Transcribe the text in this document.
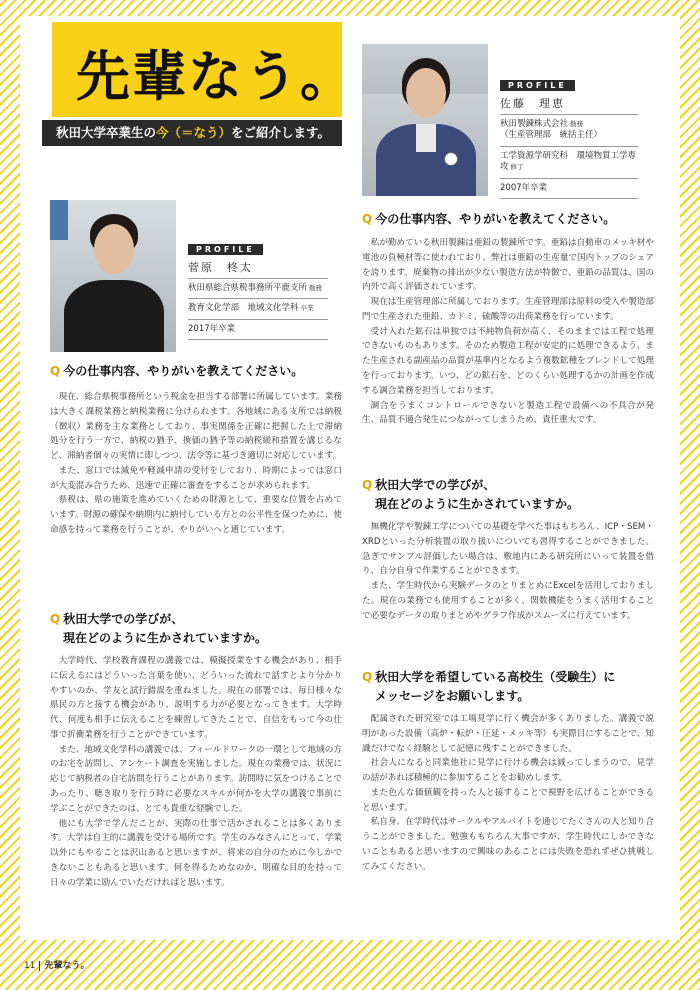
先輩なう。
秋田大学卒業生の今（＝なう）をご紹介します。
PROFILE
佐藤　理恵
秋田製錬株式会社 勤務
（生産管理部　統括主任）
工学資源学研究科　環境物質工学専攻 修了
2007年卒業
PROFILE
菅原　柊太
秋田県総合県税事務所平鹿支所 勤務
教育文化学部　地域文化学科 卒業
2017年卒業
Q 今の仕事内容、やりがいを教えてください。

私が勤めている秋田製錬は亜鉛の製錬所です。亜鉛は自動車のメッキ材や電池の負極材等に使われており、弊社は亜鉛の生産量で国内トップのシェアを誇ります。廃棄物の排出が少ない製造方法が特徴で、亜鉛の品質は、国の内外で高く評価されています。

現在は生産管理部に所属しております。生産管理部は原料の受入や製造部門で生産された亜鉛、カドミ、硫酸等の出荷業務を行っています。

受け入れた鉱石は単独では不純物負荷が高く、そのままでは工程で処理できないものもあります。そのため製造工程が安定的に処理できるよう、また生産される副産品の品質が基準内となるよう複数鉱種をブレンドして処理を行っております。いつ、どの鉱石を、どのくらい処理するかの計画を作成する調合業務を担当しております。

調合をうまくコントロールできないと製造工程で設備への不具合が発生、品質不適合発生につながってしまうため、責任重大です。

Q 秋田大学での学びが、
現在どのように生かされていますか。

無機化学や製錬工学についての基礎を学べた事はもちろん、ICP・SEM・XRDといった分析装置の取り扱いについても習得することができました。急ぎでサンプル評価したい場合は、敷地内にある研究所にいって装置を借り、自分自身で作業することができます。

また、学生時代から実験データのとりまとめにExcelを活用しておりました。現在の業務でも使用することが多く、関数機能をうまく活用することで必要なデータの取りまとめやグラフ作成がスムーズに行えています。

Q 秋田大学を希望している高校生（受験生）に
メッセージをお願いします。

配属された研究室では工場見学に行く機会が多くありました。講義で説明があった設備（高炉・転炉・圧延・メッキ等）も実際目にすることで、知識だけでなく経験として記憶に残すことができました。

社会人になると同業他社に見学に行ける機会は減ってしまうので、見学の話があれば積極的に参加することをお勧めします。

また色んな価値観を持った人と接することで視野を広げることができると思います。

私自身、在学時代はサークルやアルバイトを通じてたくさんの人と知り合うことができました。勉強ももちろん大事ですが、学生時代にしかできないこともあると思いますので興味のあることには失敗を恐れずぜひ挑戦してみてください。

Q 今の仕事内容、やりがいを教えてください。

現在、総合県税事務所という税金を担当する部署に所属しています。業務は大きく課税業務と納税業務に分けられます。各地域にある支所では納税（徴収）業務を主な業務としており、事実関係を正確に把握した上で滞納処分を行う一方で、納税の猶予、換価の猶予等の納税緩和措置を講じるなど、滞納者個々の実情に即しつつ、法令等に基づき適切に対応しています。

また、窓口では減免や軽減申請の受付をしており、時期によっては窓口が大変混み合うため、迅速で正確に審査をすることが求められます。

県税は、県の施策を進めていくための財源として、重要な位置を占めています。財源の確保や納期内に納付している方との公平性を保つために、使命感を持って業務を行うことが、やりがいへと通じています。

Q 秋田大学での学びが、
現在どのように生かされていますか。

大学時代、学校教育課程の講義では、模擬授業をする機会があり、相手に伝えるにはどういった言葉を使い、どういった流れで話すとより分かりやすいのか、学友と試行錯誤を重ねました。現在の部署では、毎日様々な県民の方と接する機会があり、説明する力が必要となってきます。大学時代、何度も相手に伝えることを練習してきたことで、自信をもって今の仕事で折衝業務を行うことができています。

また、地域文化学科の講義では、フィールドワークの一環として地域の方のお宅を訪問し、アンケート調査を実施しました。現在の業務では、状況に応じて納税者の自宅訪問を行うことがあります。訪問時に気をつけることであったり、聴き取りを行う時に必要なスキルが何かを大学の講義で事前に学ぶことができたのは、とても貴重な経験でした。

他にも大学で学んだことが、実際の仕事で活かされることは多くあります。大学は自主的に講義を受ける場所です。学生のみなさんにとって、学業以外にもやることは沢山あると思いますが、将来の自分のために今しかできないこともあると思います。何を得るためなのか、明確な目的を持って日々の学業に励んでいただければと思います。

11 先輩なう。
